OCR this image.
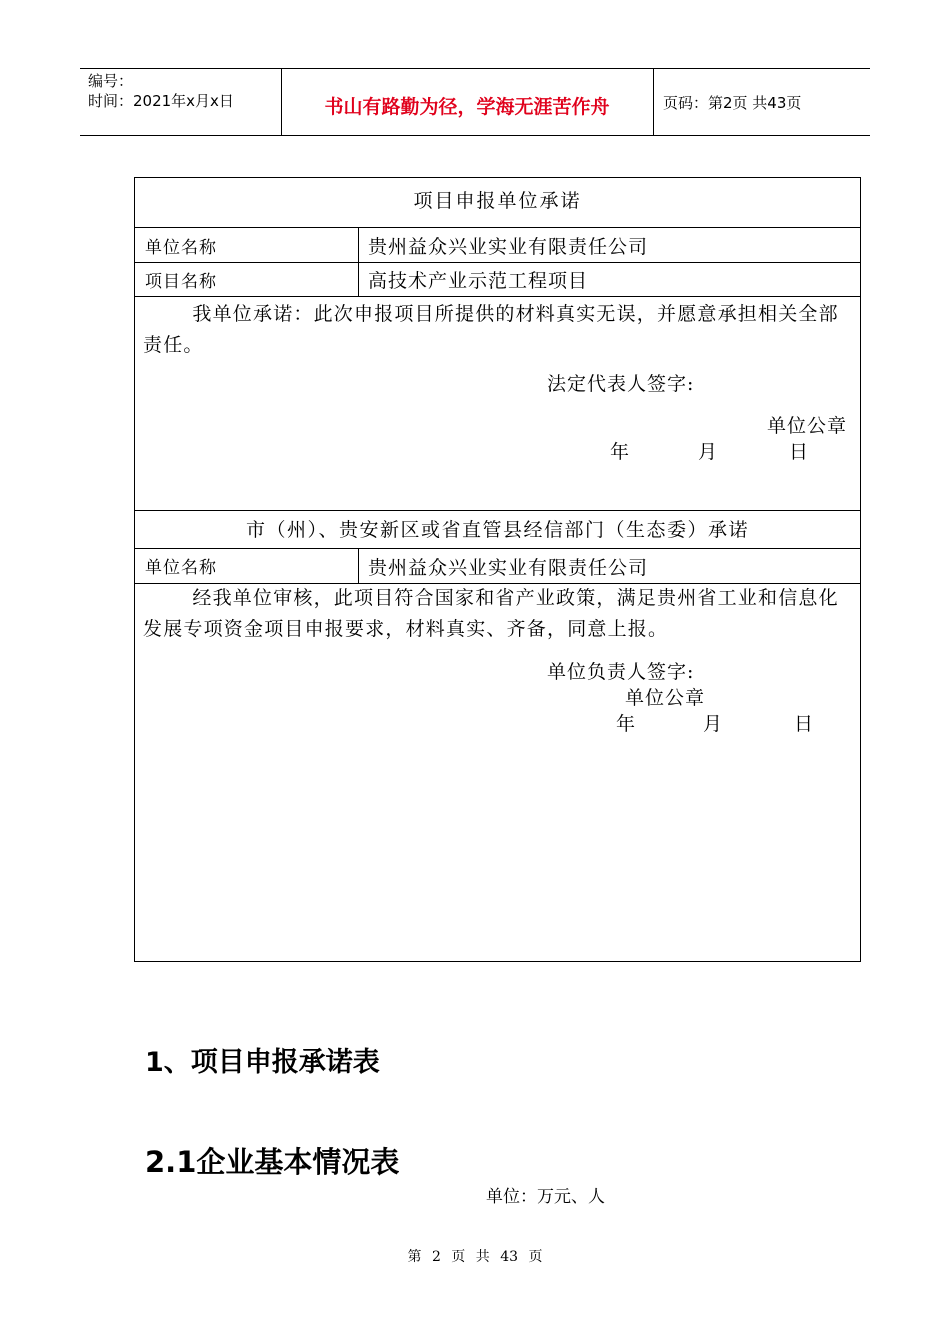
编号：
时间：2021年x月x日	书山有路勤为径，学海无涯苦作舟	页码：第2页 共43页
项目申报单位承诺
单位名称	贵州益众兴业实业有限责任公司
项目名称	高技术产业示范工程项目
我单位承诺：此次申报项目所提供的材料真实无误，并愿意承担相关全部责任。
法定代表人签字:
单位公章
年	月	日
市（州）、贵安新区或省直管县经信部门（生态委）承诺
单位名称	贵州益众兴业实业有限责任公司
经我单位审核，此项目符合国家和省产业政策，满足贵州省工业和信息化发展专项资金项目申报要求，材料真实、齐备，同意上报。
单位负责人签字:
单位公章
年	月	日
1、项目申报承诺表
2.1企业基本情况表
单位：万元、人
第 2 页 共 43 页
